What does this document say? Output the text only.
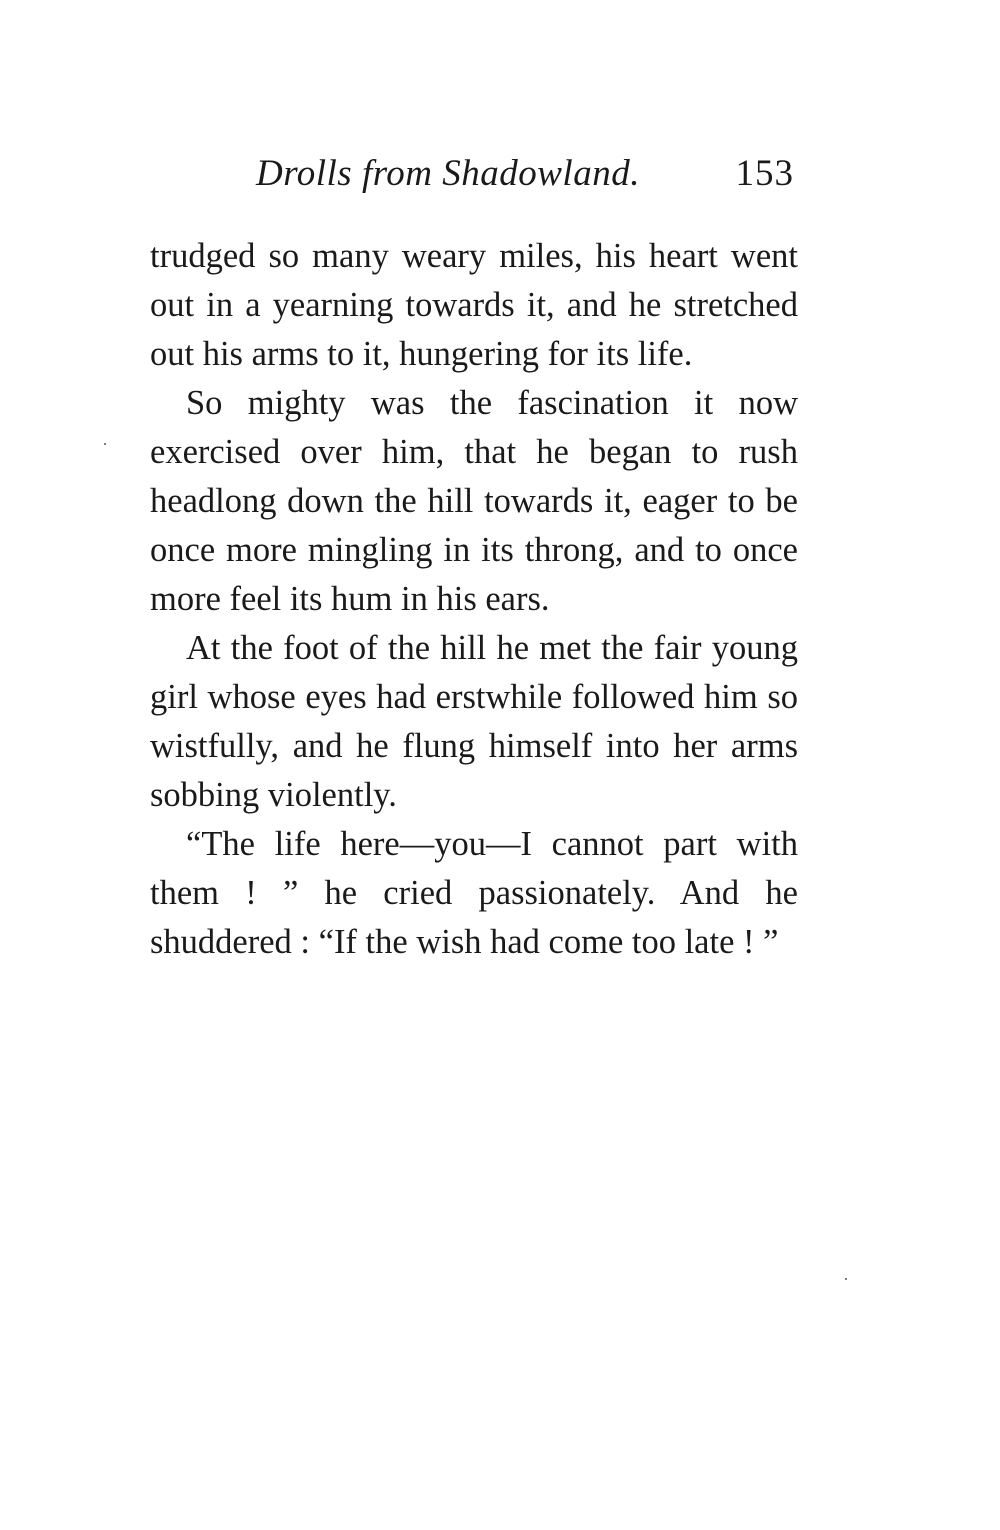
Drolls from Shadowland.	153

trudged so many weary miles, his heart went out in a yearning towards it, and he stretched out his arms to it, hungering for its life.

So mighty was the fascination it now exercised over him, that he began to rush headlong down the hill towards it, eager to be once more mingling in its throng, and to once more feel its hum in his ears.

At the foot of the hill he met the fair young girl whose eyes had erstwhile followed him so wistfully, and he flung himself into her arms sobbing violently.

“The life here—you—I cannot part with them ! ” he cried passionately. And he shuddered : “If the wish had come too late ! ”
